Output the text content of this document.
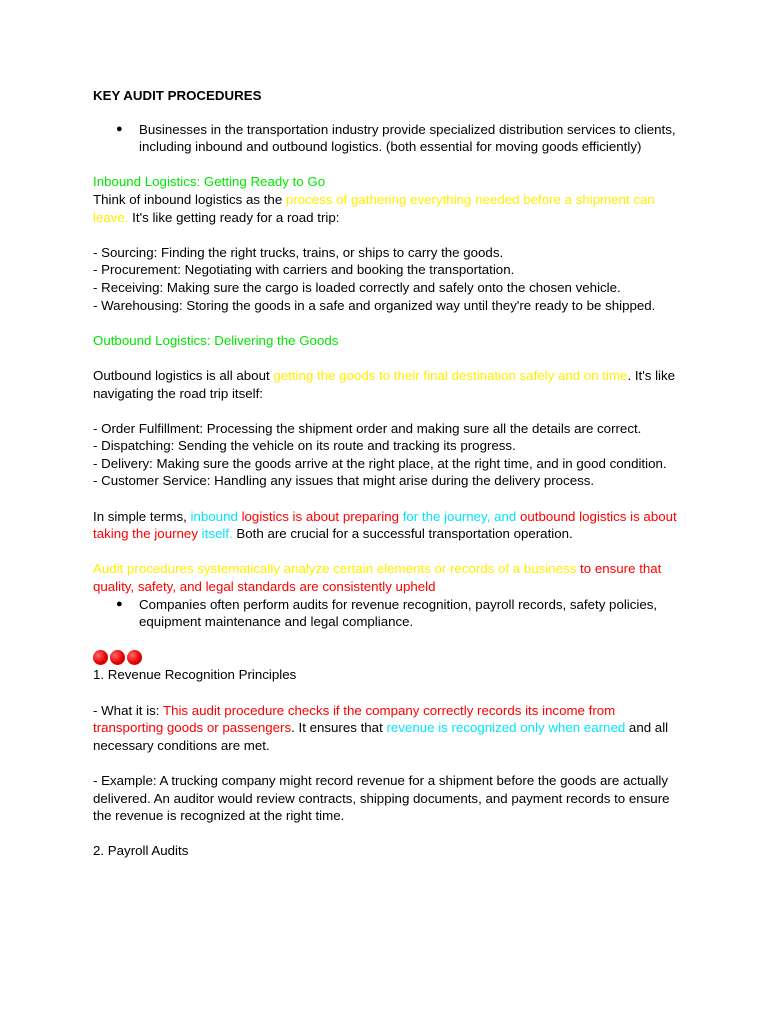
KEY AUDIT PROCEDURES

● Businesses in the transportation industry provide specialized distribution services to clients, including inbound and outbound logistics. (both essential for moving goods efficiently)

Inbound Logistics: Getting Ready to Go

Think of inbound logistics as the process of gathering everything needed before a shipment can leave. It's like getting ready for a road trip:

- Sourcing: Finding the right trucks, trains, or ships to carry the goods.

- Procurement: Negotiating with carriers and booking the transportation.

- Receiving: Making sure the cargo is loaded correctly and safely onto the chosen vehicle.

- Warehousing: Storing the goods in a safe and organized way until they're ready to be shipped.

Outbound Logistics: Delivering the Goods

Outbound logistics is all about getting the goods to their final destination safely and on time. It's like navigating the road trip itself:

- Order Fulfillment: Processing the shipment order and making sure all the details are correct.

- Dispatching: Sending the vehicle on its route and tracking its progress.

- Delivery: Making sure the goods arrive at the right place, at the right time, and in good condition.

- Customer Service: Handling any issues that might arise during the delivery process.

In simple terms, inbound logistics is about preparing for the journey, and outbound logistics is about taking the journey itself. Both are crucial for a successful transportation operation.

Audit procedures systematically analyze certain elements or records of a business to ensure that quality, safety, and legal standards are consistently upheld

● Companies often perform audits for revenue recognition, payroll records, safety policies, equipment maintenance and legal compliance.

1. Revenue Recognition Principles

- What it is: This audit procedure checks if the company correctly records its income from transporting goods or passengers. It ensures that revenue is recognized only when earned and all necessary conditions are met.

- Example: A trucking company might record revenue for a shipment before the goods are actually delivered. An auditor would review contracts, shipping documents, and payment records to ensure the revenue is recognized at the right time.

2. Payroll Audits
